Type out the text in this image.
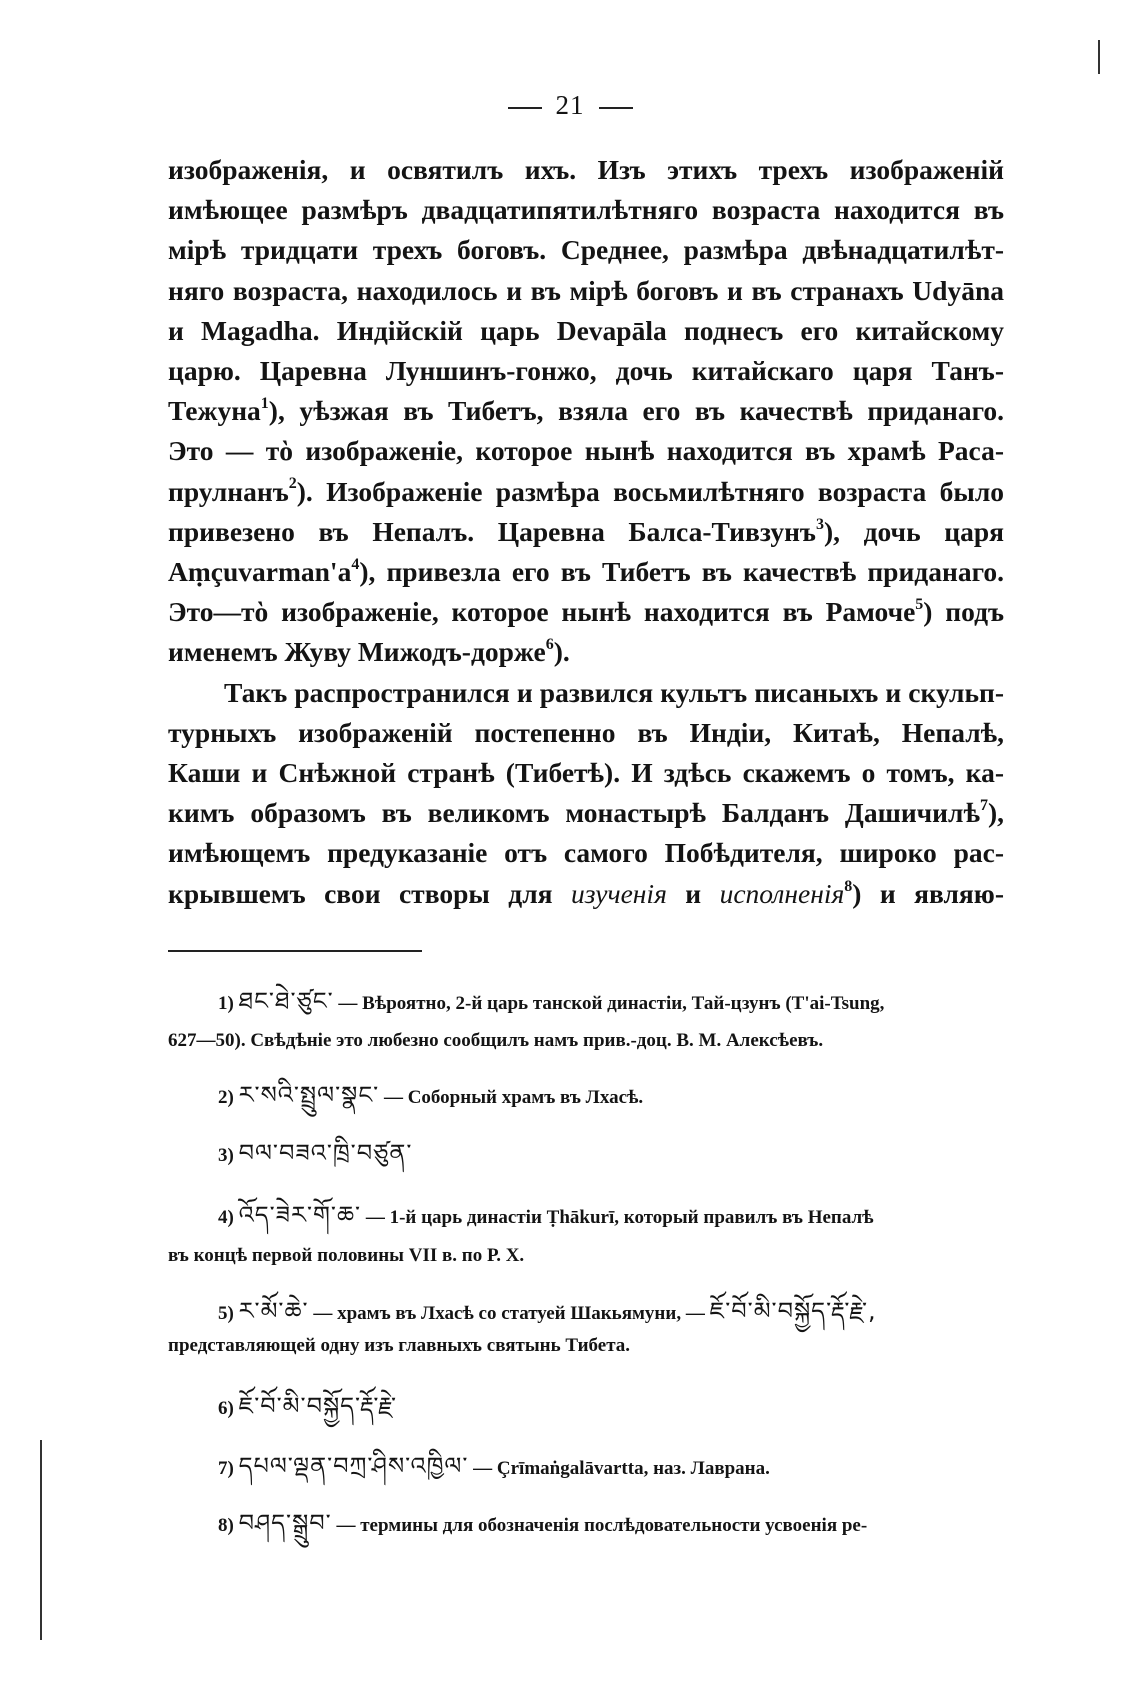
21

изображенія, и освятилъ ихъ. Изъ этихъ трехъ изображеній
имѣющее размѣръ двадцатипятилѣтняго возраста находится въ
мірѣ тридцати трехъ боговъ. Среднее, размѣра двѣнадцатилѣт-
няго возраста, находилось и въ мірѣ боговъ и въ странахъ Udyāna
и Magadha. Индійскій царь Devapāla поднесъ его китайскому
царю. Царевна Луншинъ-гонжо, дочь китайскаго царя Танъ-
Тежуна$^1$), уѣзжая въ Тибетъ, взяла его въ качествѣ приданаго.
Это — тὸ изображеніе, которое нынѣ находится въ храмѣ Раса-
прулнанъ$^2$). Изображеніе размѣра восьмилѣтняго возраста было
привезено въ Непалъ. Царевна Балса-Тивзунъ$^3$), дочь царя
$Aṃçuvarman'а^4$), привезла его въ Тибетъ въ качествѣ приданаго.
Это—тὸ изображеніе, которое нынѣ находится въ Рамоче$^5$) подъ
именемъ Жуву Мижодъ-дорже$^6$).

Такъ распространился и развился культъ писаныхъ и скульп-
турныхъ изображеній постепенно въ Индіи, Китаѣ, Непалѣ,
Каши и Снѣжной странѣ (Тибетѣ). И здѣсь скажемъ о томъ, ка-
кимъ образомъ въ великомъ монастырѣ Балданъ Дашичилѣ$^7$),
имѣющемъ предуказаніе отъ самого Побѣдителя, широко рас-
крывшемъ свои створы для изученія и исполненія$^8$) и являю-

1) ཐང་ཐེ་ཙུང་ — Вѣроятно, 2-й царь танской династіи, Тай-цзунъ (T'ai-Tsung,
627—50). Свѣдѣніе это любезно сообщилъ намъ прив.-доц. В. М. Алексѣевъ.
2) ར་སའི་སྤྲུལ་སྣང་ — Соборный храмъ въ Лхасѣ.
3) བལ་བཟའ་ཁྲི་བཙུན་
4) འོད་ཟེར་གོ་ཆ་ — 1-й царь династіи Ṭhākurī, который правилъ въ Непалѣ
въ концѣ первой половины VII в. по Р. Х.
5) ར་མོ་ཆེ་ — храмъ въ Лхасѣ со статуей Шакьямуни, — ཇོ་བོ་མི་བསྐྱོད་རྡོ་རྗེ་,
представляющей одну изъ главныхъ святынь Тибета.
6) ཇོ་བོ་མི་བསྐྱོད་རྡོ་རྗེ་
7) དཔལ་ལྡན་བཀྲ་ཤིས་འཁྱིལ་ — Çrīmaṅgalāvartta, наз. Лаврана.
8) བཤད་སྒྲུབ་ — термины для обозначенія послѣдовательности усвоенія ре-
